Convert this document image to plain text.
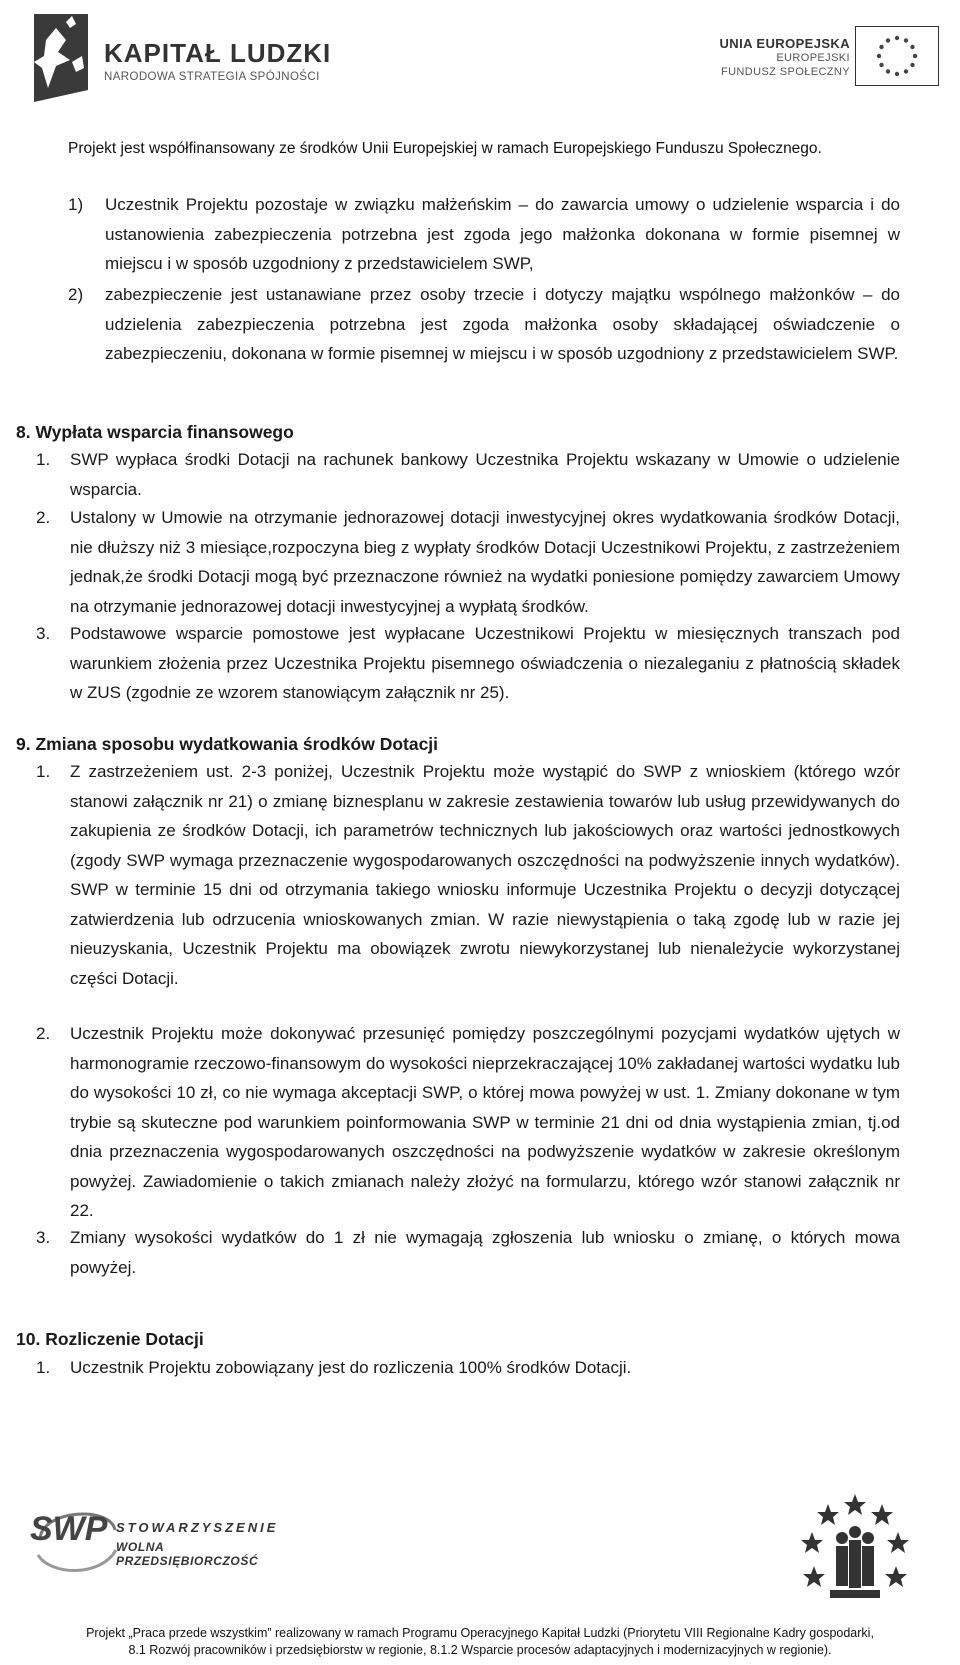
KAPITAŁ LUDZKI
NARODOWA STRATEGIA SPÓJNOŚCI
UNIA EUROPEJSKA
EUROPEJSKI
FUNDUSZ SPOŁECZNY
Projekt jest współfinansowany ze środków Unii Europejskiej w ramach Europejskiego Funduszu Społecznego.
1) Uczestnik Projektu pozostaje w związku małżeńskim – do zawarcia umowy o udzielenie wsparcia i do ustanowienia zabezpieczenia potrzebna jest zgoda jego małżonka dokonana w formie pisemnej w miejscu i w sposób uzgodniony z przedstawicielem SWP,
2) zabezpieczenie jest ustanawiane przez osoby trzecie i dotyczy majątku wspólnego małżonków – do udzielenia zabezpieczenia potrzebna jest zgoda małżonka osoby składającej oświadczenie o zabezpieczeniu, dokonana w formie pisemnej w miejscu i w sposób uzgodniony z przedstawicielem SWP.
8. Wypłata wsparcia finansowego
1. SWP wypłaca środki Dotacji na rachunek bankowy Uczestnika Projektu wskazany w Umowie o udzielenie wsparcia.
2. Ustalony w Umowie na otrzymanie jednorazowej dotacji inwestycyjnej okres wydatkowania środków Dotacji, nie dłuższy niż 3 miesiące,rozpoczyna bieg z wypłaty środków Dotacji Uczestnikowi Projektu, z zastrzeżeniem jednak,że środki Dotacji mogą być przeznaczone również na wydatki poniesione pomiędzy zawarciem Umowy na otrzymanie jednorazowej dotacji inwestycyjnej a wypłatą środków.
3. Podstawowe wsparcie pomostowe jest wypłacane Uczestnikowi Projektu w miesięcznych transzach pod warunkiem złożenia przez Uczestnika Projektu pisemnego oświadczenia o niezaleganiu z płatnością składek w ZUS (zgodnie ze wzorem stanowiącym załącznik nr 25).
9. Zmiana sposobu wydatkowania środków Dotacji
1. Z zastrzeżeniem ust. 2-3 poniżej, Uczestnik Projektu może wystąpić do SWP z wnioskiem (którego wzór stanowi załącznik nr 21) o zmianę biznesplanu w zakresie zestawienia towarów lub usług przewidywanych do zakupienia ze środków Dotacji, ich parametrów technicznych lub jakościowych oraz wartości jednostkowych (zgody SWP wymaga przeznaczenie wygospodarowanych oszczędności na podwyższenie innych wydatków). SWP w terminie 15 dni od otrzymania takiego wniosku informuje Uczestnika Projektu o decyzji dotyczącej zatwierdzenia lub odrzucenia wnioskowanych zmian. W razie niewystąpienia o taką zgodę lub w razie jej nieuzyskania, Uczestnik Projektu ma obowiązek zwrotu niewykorzystanej lub nienależycie wykorzystanej części Dotacji.
2. Uczestnik Projektu może dokonywać przesunięć pomiędzy poszczególnymi pozycjami wydatków ujętych w harmonogramie rzeczowo-finansowym do wysokości nieprzekraczającej 10% zakładanej wartości wydatku lub do wysokości 10 zł, co nie wymaga akceptacji SWP, o której mowa powyżej w ust. 1. Zmiany dokonane w tym trybie są skuteczne pod warunkiem poinformowania SWP w terminie 21 dni od dnia wystąpienia zmian, tj.od dnia przeznaczenia wygospodarowanych oszczędności na podwyższenie wydatków w zakresie określonym powyżej. Zawiadomienie o takich zmianach należy złożyć na formularzu, którego wzór stanowi załącznik nr 22.
3. Zmiany wysokości wydatków do 1 zł nie wymagają zgłoszenia lub wniosku o zmianę, o których mowa powyżej.
10. Rozliczenie Dotacji
1. Uczestnik Projektu zobowiązany jest do rozliczenia 100% środków Dotacji.
SWP STOWARZYSZENIE
WOLNA PRZEDSIĘBIORCZOŚĆ
Projekt „Praca przede wszystkim” realizowany w ramach Programu Operacyjnego Kapitał Ludzki (Priorytetu VIII Regionalne Kadry gospodarki,
8.1 Rozwój pracowników i przedsiębiorstw w regionie, 8.1.2 Wsparcie procesów adaptacyjnych i modernizacyjnych w regionie).
